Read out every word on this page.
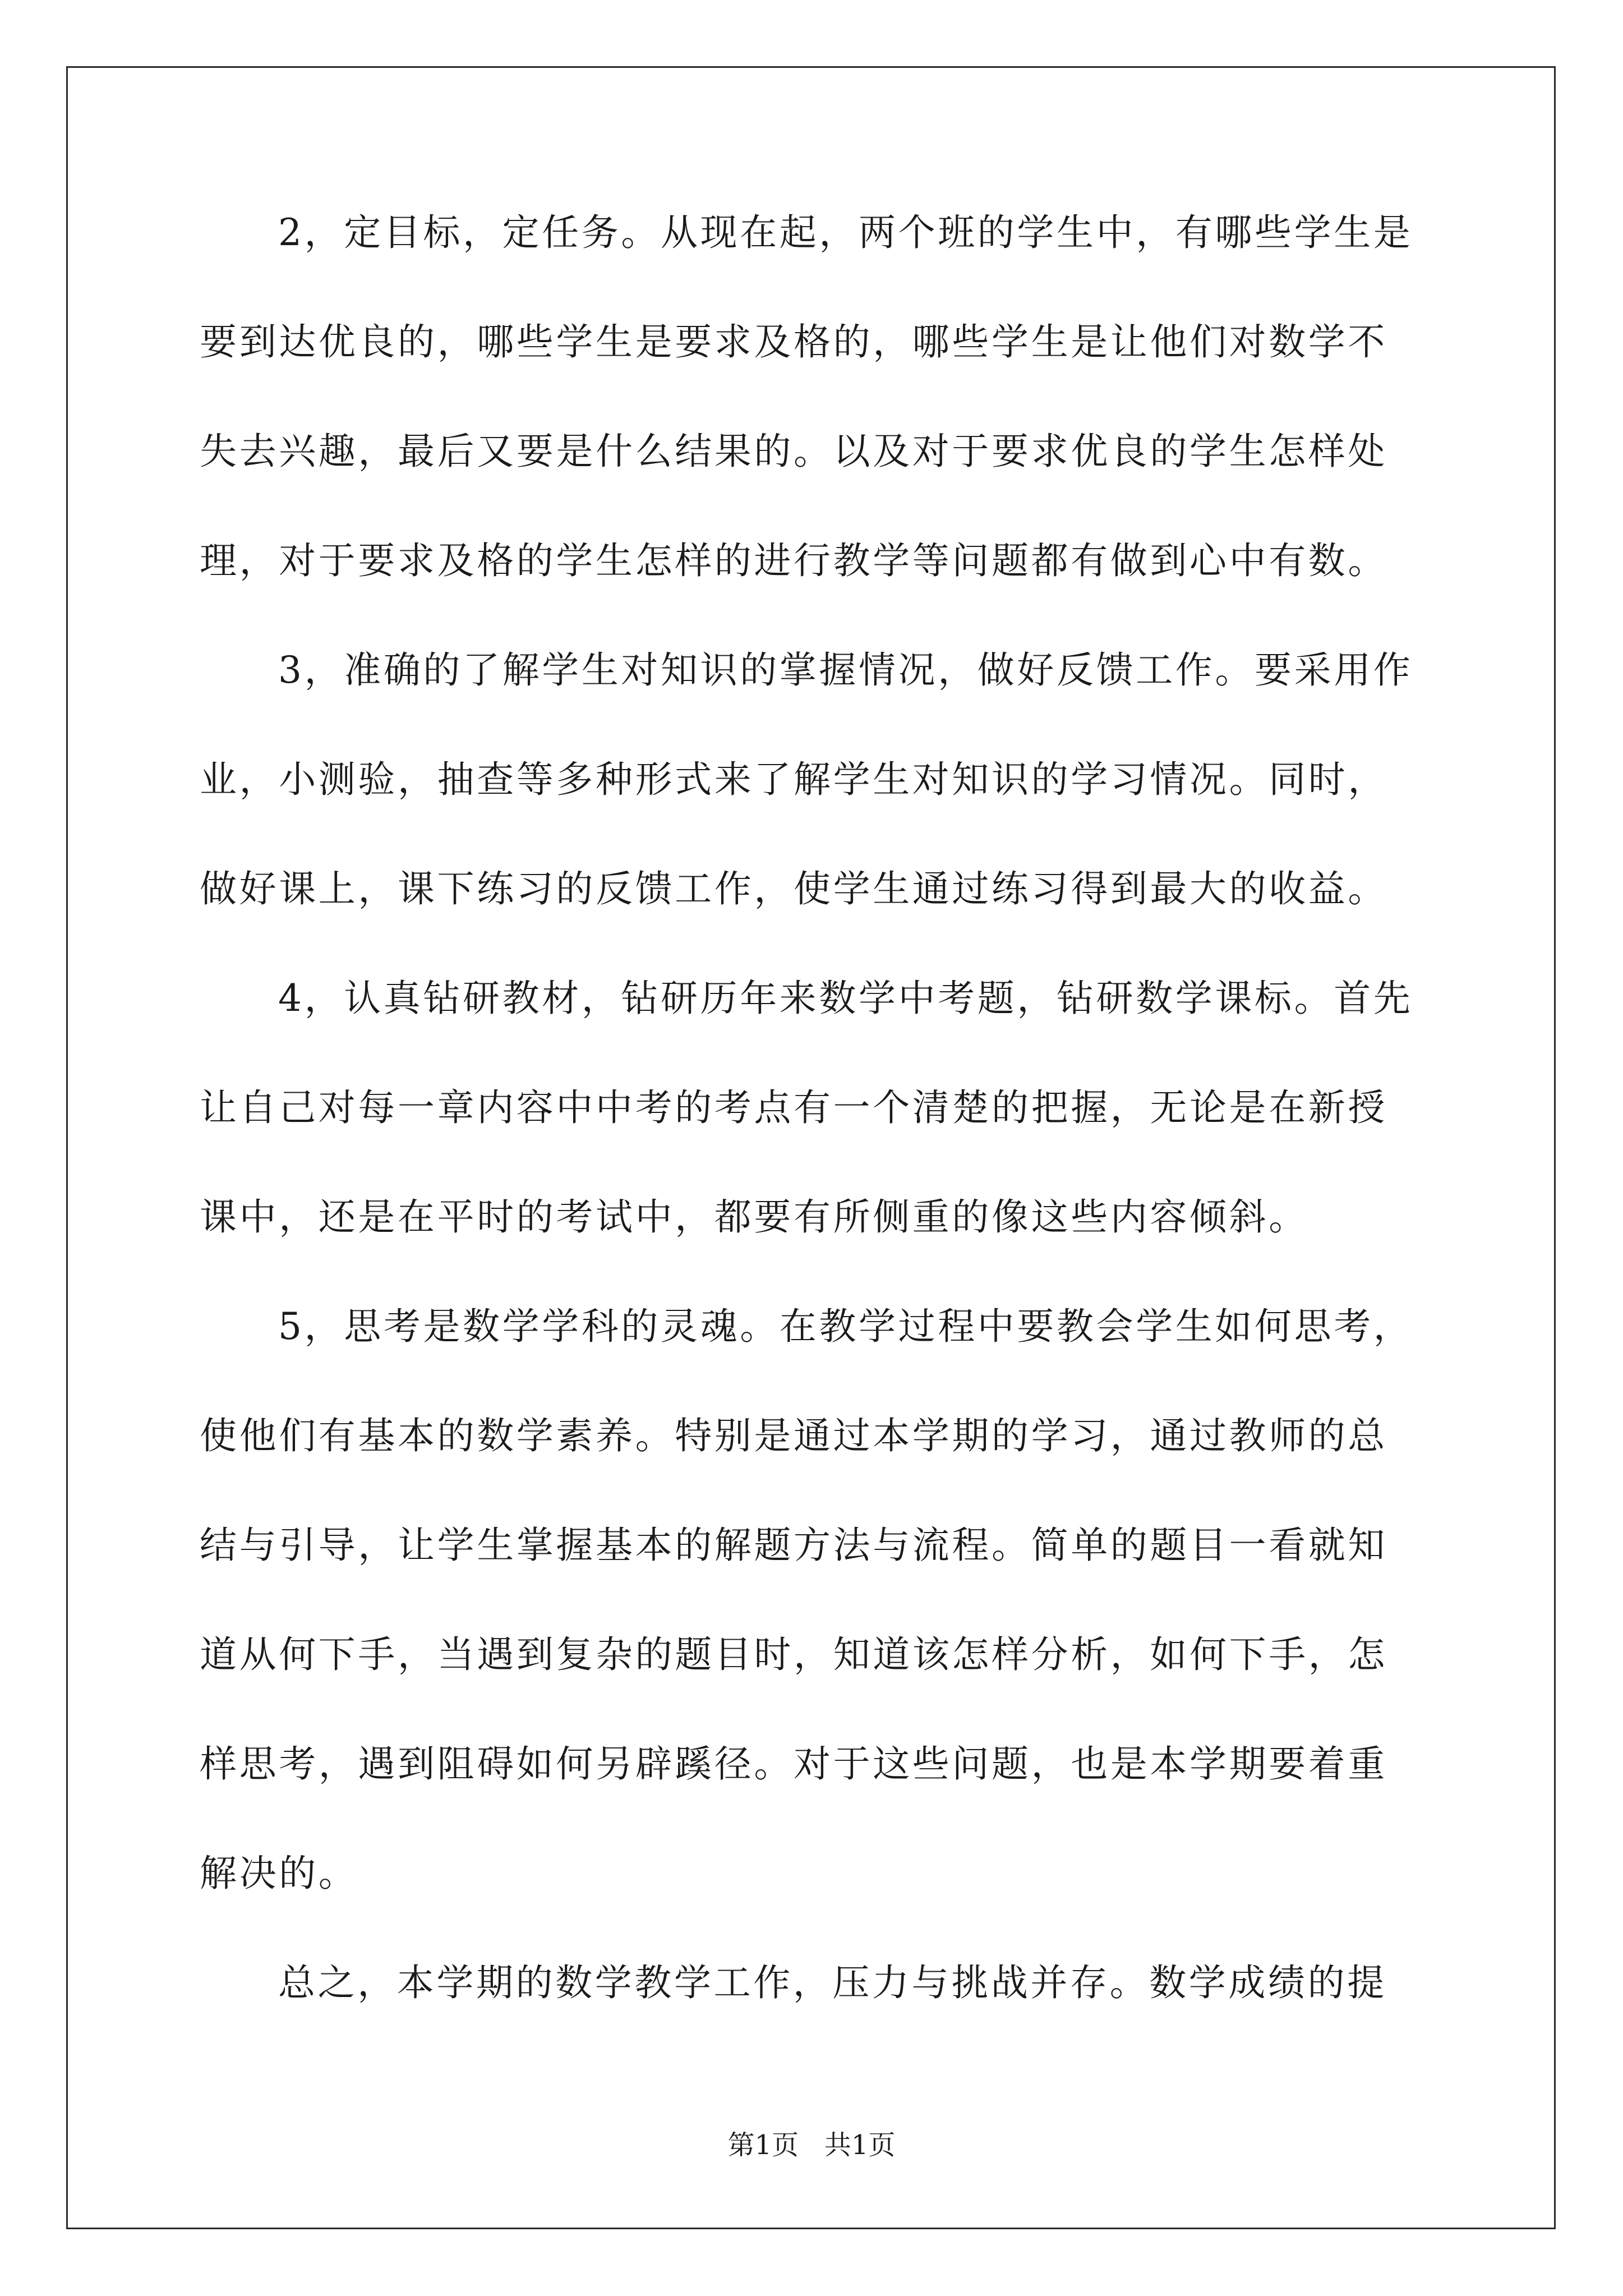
2，定目标，定任务。从现在起，两个班的学生中，有哪些学生是
要到达优良的，哪些学生是要求及格的，哪些学生是让他们对数学不
失去兴趣，最后又要是什么结果的。以及对于要求优良的学生怎样处
理，对于要求及格的学生怎样的进行教学等问题都有做到心中有数。
3，准确的了解学生对知识的掌握情况，做好反馈工作。要采用作
业，小测验，抽查等多种形式来了解学生对知识的学习情况。同时，
做好课上，课下练习的反馈工作，使学生通过练习得到最大的收益。
4，认真钻研教材，钻研历年来数学中考题，钻研数学课标。首先
让自己对每一章内容中中考的考点有一个清楚的把握，无论是在新授
课中，还是在平时的考试中，都要有所侧重的像这些内容倾斜。
5，思考是数学学科的灵魂。在教学过程中要教会学生如何思考，
使他们有基本的数学素养。特别是通过本学期的学习，通过教师的总
结与引导，让学生掌握基本的解题方法与流程。简单的题目一看就知
道从何下手，当遇到复杂的题目时，知道该怎样分析，如何下手，怎
样思考，遇到阻碍如何另辟蹊径。对于这些问题，也是本学期要着重
解决的。
总之，本学期的数学教学工作，压力与挑战并存。数学成绩的提
第1页   共1页
